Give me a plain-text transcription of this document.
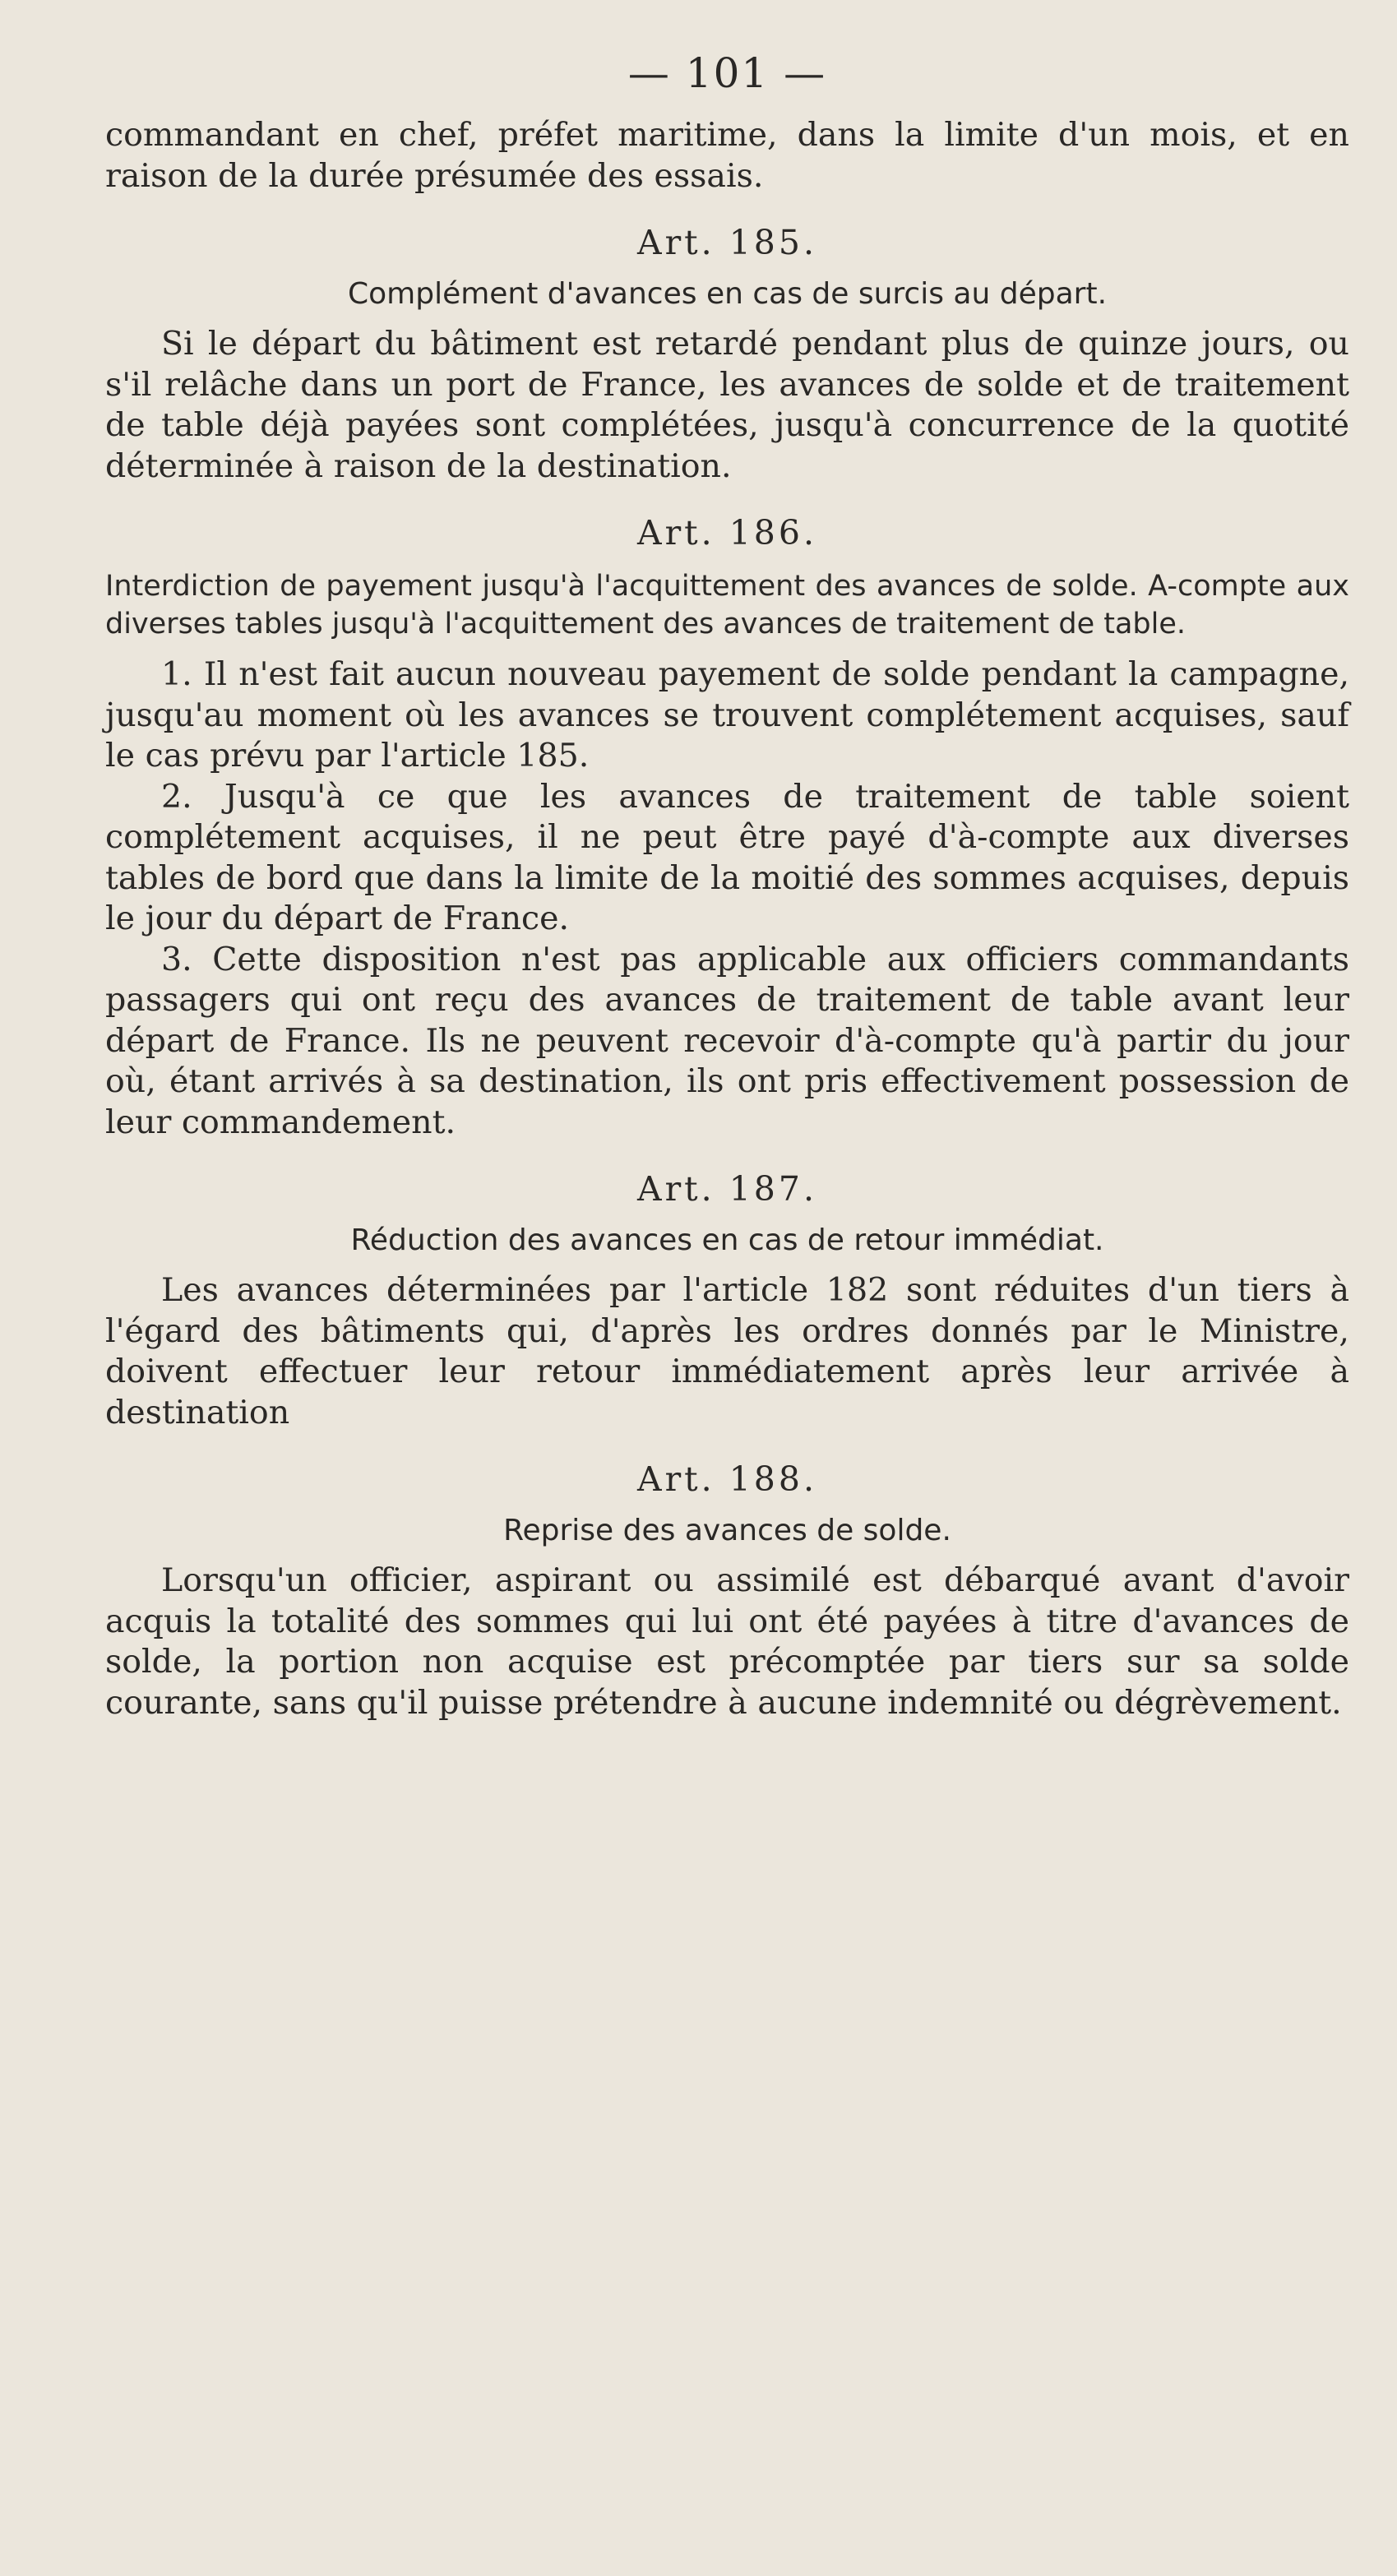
— 101 —

commandant en chef, préfet maritime, dans la limite d'un mois, et en raison de la durée présumée des essais.

Art. 185.
Complément d'avances en cas de surcis au départ.

Si le départ du bâtiment est retardé pendant plus de quinze jours, ou s'il relâche dans un port de France, les avances de solde et de traitement de table déjà payées sont complétées, jusqu'à concurrence de la quotité déterminée à raison de la destination.

Art. 186.
Interdiction de payement jusqu'à l'acquittement des avances de solde. A-compte aux diverses tables jusqu'à l'acquittement des avances de traitement de table.

1. Il n'est fait aucun nouveau payement de solde pendant la campagne, jusqu'au moment où les avances se trouvent complétement acquises, sauf le cas prévu par l'article 185.

2. Jusqu'à ce que les avances de traitement de table soient complétement acquises, il ne peut être payé d'à-compte aux diverses tables de bord que dans la limite de la moitié des sommes acquises, depuis le jour du départ de France.

3. Cette disposition n'est pas applicable aux officiers commandants passagers qui ont reçu des avances de traitement de table avant leur départ de France. Ils ne peuvent recevoir d'à-compte qu'à partir du jour où, étant arrivés à sa destination, ils ont pris effectivement possession de leur commandement.

Art. 187.
Réduction des avances en cas de retour immédiat.

Les avances déterminées par l'article 182 sont réduites d'un tiers à l'égard des bâtiments qui, d'après les ordres donnés par le Ministre, doivent effectuer leur retour immédiatement après leur arrivée à destination

Art. 188.
Reprise des avances de solde.

Lorsqu'un officier, aspirant ou assimilé est débarqué avant d'avoir acquis la totalité des sommes qui lui ont été payées à titre d'avances de solde, la portion non acquise est précomptée par tiers sur sa solde courante, sans qu'il puisse prétendre à aucune indemnité ou dégrèvement.
